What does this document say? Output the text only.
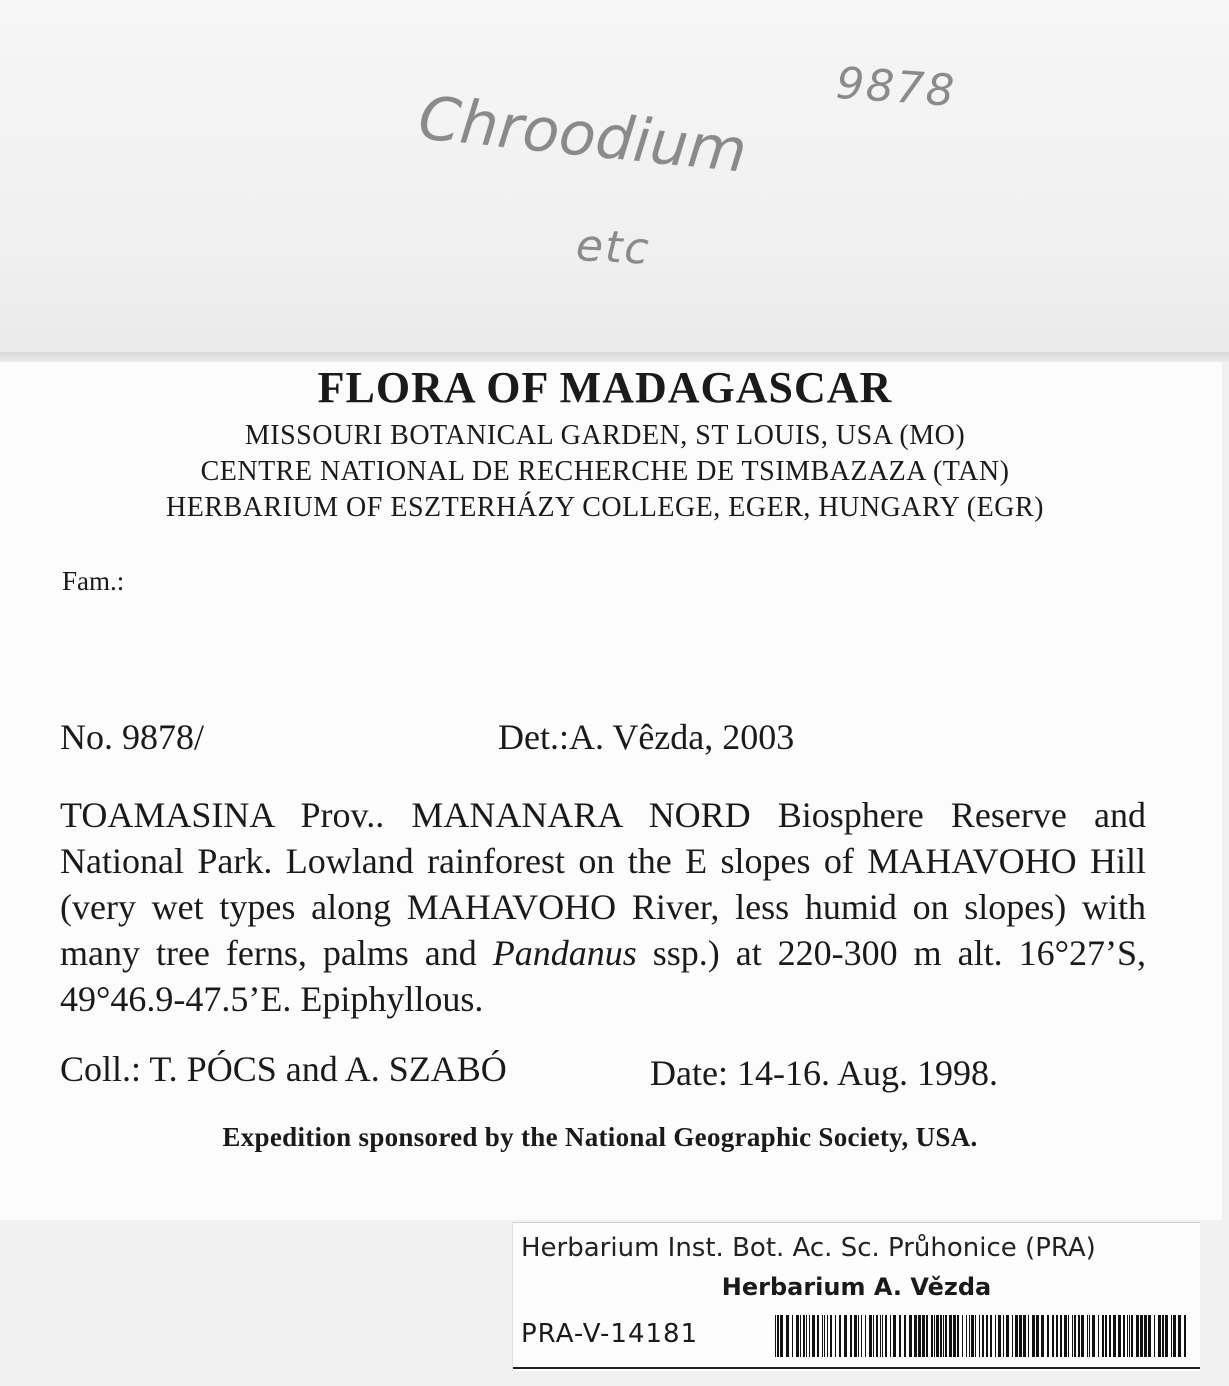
9878
Chroodium
etc
FLORA OF MADAGASCAR
MISSOURI BOTANICAL GARDEN, ST LOUIS, USA (MO)
CENTRE NATIONAL DE RECHERCHE DE TSIMBAZAZA (TAN)
HERBARIUM OF ESZTERHÁZY COLLEGE, EGER, HUNGARY (EGR)
Fam.:
No. 9878/	Det.:A. Vêzda, 2003
TOAMASINA Prov.. MANANARA NORD Biosphere Reserve and National Park. Lowland rainforest on the E slopes of MAHAVOHO Hill (very wet types along MAHAVOHO River, less humid on slopes) with many tree ferns, palms and Pandanus ssp.) at 220-300 m alt. 16°27’S, 49°46.9-47.5’E. Epiphyllous.
Coll.: T. PÓCS and A. SZABÓ	Date: 14-16. Aug. 1998.
Expedition sponsored by the National Geographic Society, USA.
Herbarium Inst. Bot. Ac. Sc. Průhonice (PRA)
Herbarium A. Vězda
PRA-V-14181
